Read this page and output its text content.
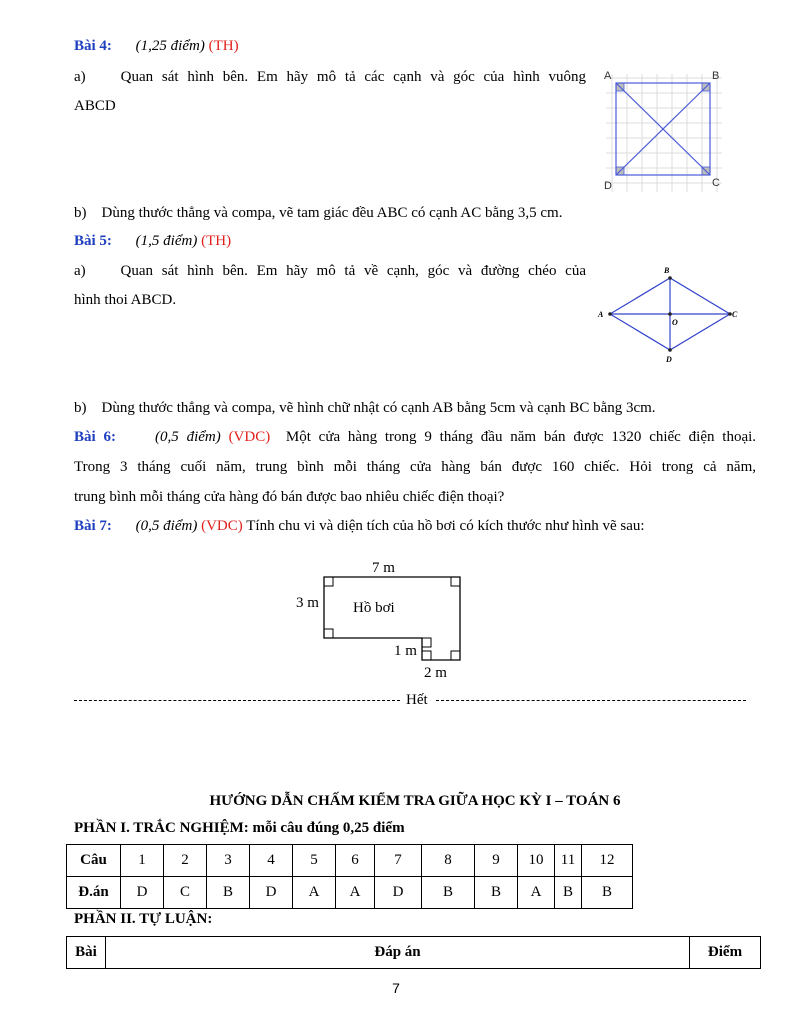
Bài 4: (1,25 điểm) (TH)
a) Quan sát hình bên. Em hãy mô tả các cạnh và góc của hình vuông
ABCD
A	B
C
D
b) Dùng thước thẳng và compa, vẽ tam giác đều ABC có cạnh AC bằng 3,5 cm.
Bài 5: (1,5 điểm) (TH)
a) Quan sát hình bên. Em hãy mô tả về cạnh, góc và đường chéo của
hình thoi ABCD.
B
A	C
D
O
b) Dùng thước thẳng và compa, vẽ hình chữ nhật có cạnh AB bằng 5cm và cạnh BC bằng 3cm.
Bài 6:	(0,5 điểm) (VDC) Một cửa hàng trong 9 tháng đầu năm bán được 1320 chiếc điện thoại.
Trong 3 tháng cuối năm, trung bình mỗi tháng cửa hàng bán được 160 chiếc. Hỏi trong cả năm,
trung bình mỗi tháng cửa hàng đó bán được bao nhiêu chiếc điện thoại?
Bài 7: (0,5 điểm) (VDC) Tính chu vi và diện tích của hồ bơi có kích thước như hình vẽ sau:
7 m
3 m
1 m
2 m
Hồ bơi
Hết
HƯỚNG DẪN CHẤM KIỂM TRA GIỮA HỌC KỲ I – TOÁN 6
PHẦN I. TRẮC NGHIỆM: mỗi câu đúng 0,25 điểm
Câu	1	2	3	4	5	6	7	8	9	10	11	12
Đ.án	D	C	B	D	A	A	D	B	B	A	B	B
PHẦN II. TỰ LUẬN:
Bài	Đáp án	Điểm
7
